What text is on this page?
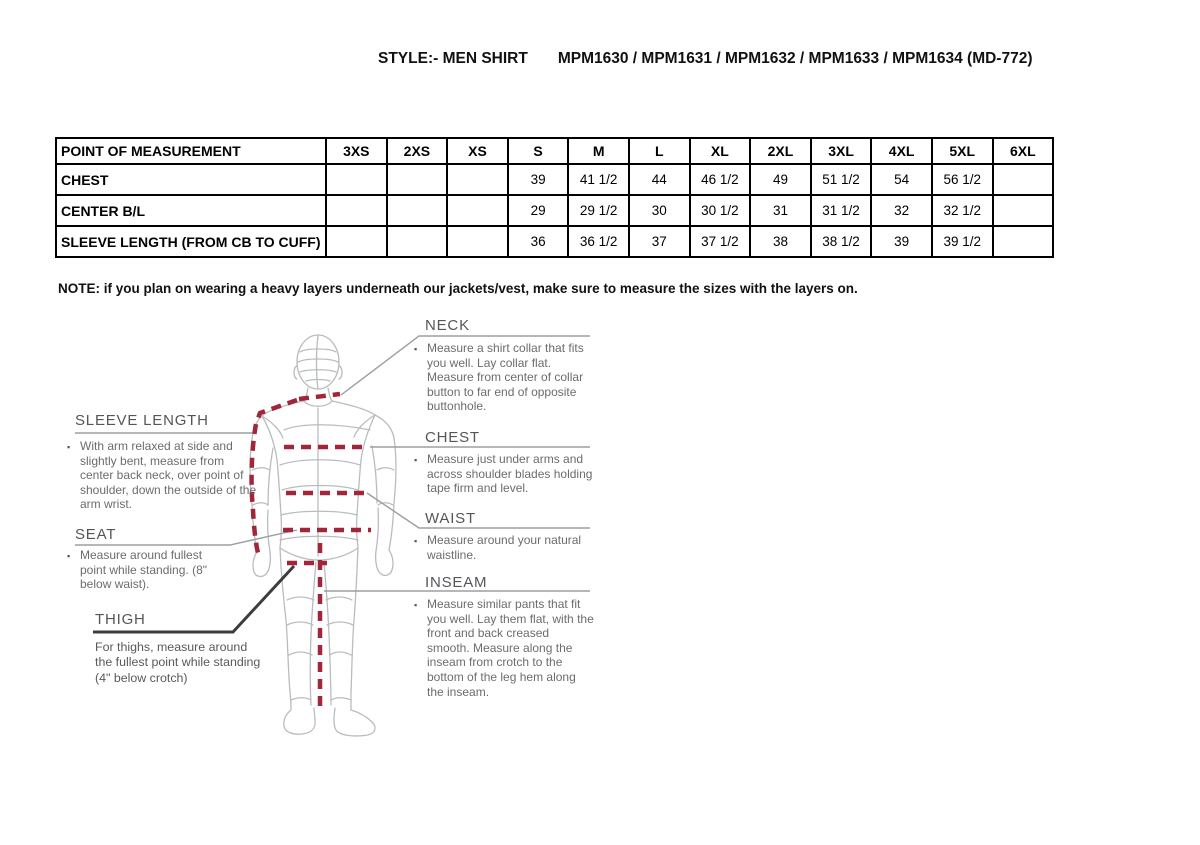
STYLE:- MEN SHIRT MPM1630 / MPM1631 / MPM1632 / MPM1633 / MPM1634 (MD-772)
POINT OF MEASUREMENT	3XS	2XS	XS	S	M	L	XL	2XL	3XL	4XL	5XL	6XL
CHEST				39	41 1/2	44	46 1/2	49	51 1/2	54	56 1/2	
CENTER B/L				29	29 1/2	30	30 1/2	31	31 1/2	32	32 1/2	
SLEEVE LENGTH (FROM CB TO CUFF)				36	36 1/2	37	37 1/2	38	38 1/2	39	39 1/2	
NOTE: if you plan on wearing a heavy layers underneath our jackets/vest, make sure to measure the sizes with the layers on.
NECK

▪ Measure a shirt collar that fits you well. Lay collar flat. Measure from center of collar button to far end of opposite buttonhole.

CHEST

▪ Measure just under arms and across shoulder blades holding tape firm and level.

WAIST

▪ Measure around your natural waistline.

INSEAM

▪ Measure similar pants that fit you well. Lay them flat, with the front and back creased smooth. Measure along the inseam from crotch to the bottom of the leg hem along the inseam.

SLEEVE LENGTH

▪ With arm relaxed at side and slightly bent, measure from center back neck, over point of shoulder, down the outside of the arm wrist.

SEAT

▪ Measure around fullest point while standing. (8" below waist).

THIGH

For thighs, measure around the fullest point while standing (4" below crotch)
